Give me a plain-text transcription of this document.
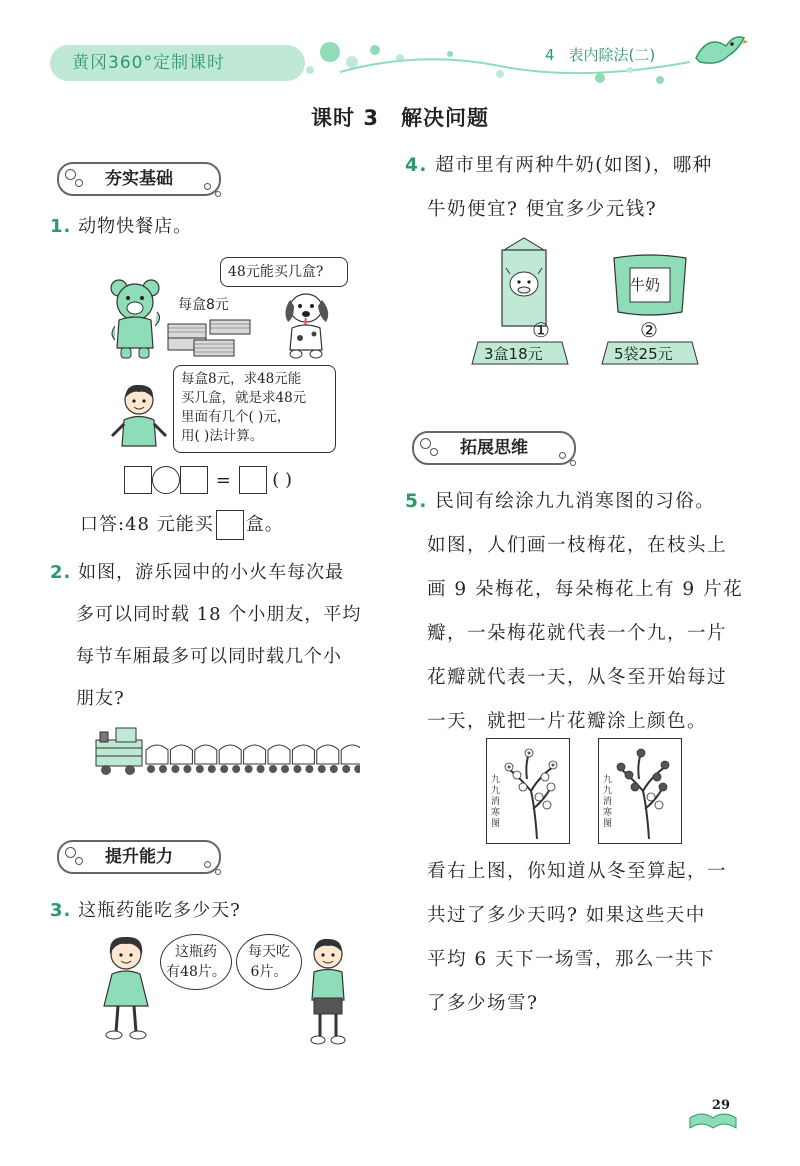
黄冈360°定制课时	4 表内除法(二)
课时 3 解决问题
夯实基础
1. 动物快餐店。
每盒8元
48元能买几盒?
每盒8元，求48元能
买几盒，就是求48元
里面有几个( )元，
用( )法计算。
= ( )
口答:48 元能买 盒。
2. 如图，游乐园中的小火车每次最
多可以同时载 18 个小朋友，平均
每节车厢最多可以同时载几个小
朋友?
提升能力
3. 这瓶药能吃多少天?
这瓶药
有48片。
每天吃
6片。
4. 超市里有两种牛奶(如图)，哪种
牛奶便宜? 便宜多少元钱?
①
牛奶
②
3盒18元	5袋25元
拓展思维
5. 民间有绘涂九九消寒图的习俗。
如图，人们画一枝梅花，在枝头上
画 9 朵梅花，每朵梅花上有 9 片花
瓣，一朵梅花就代表一个九，一片
花瓣就代表一天，从冬至开始每过
一天，就把一片花瓣涂上颜色。
九九消寒图
九九消寒图
看右上图，你知道从冬至算起，一
共过了多少天吗? 如果这些天中
平均 6 天下一场雪，那么一共下
了多少场雪?
29
